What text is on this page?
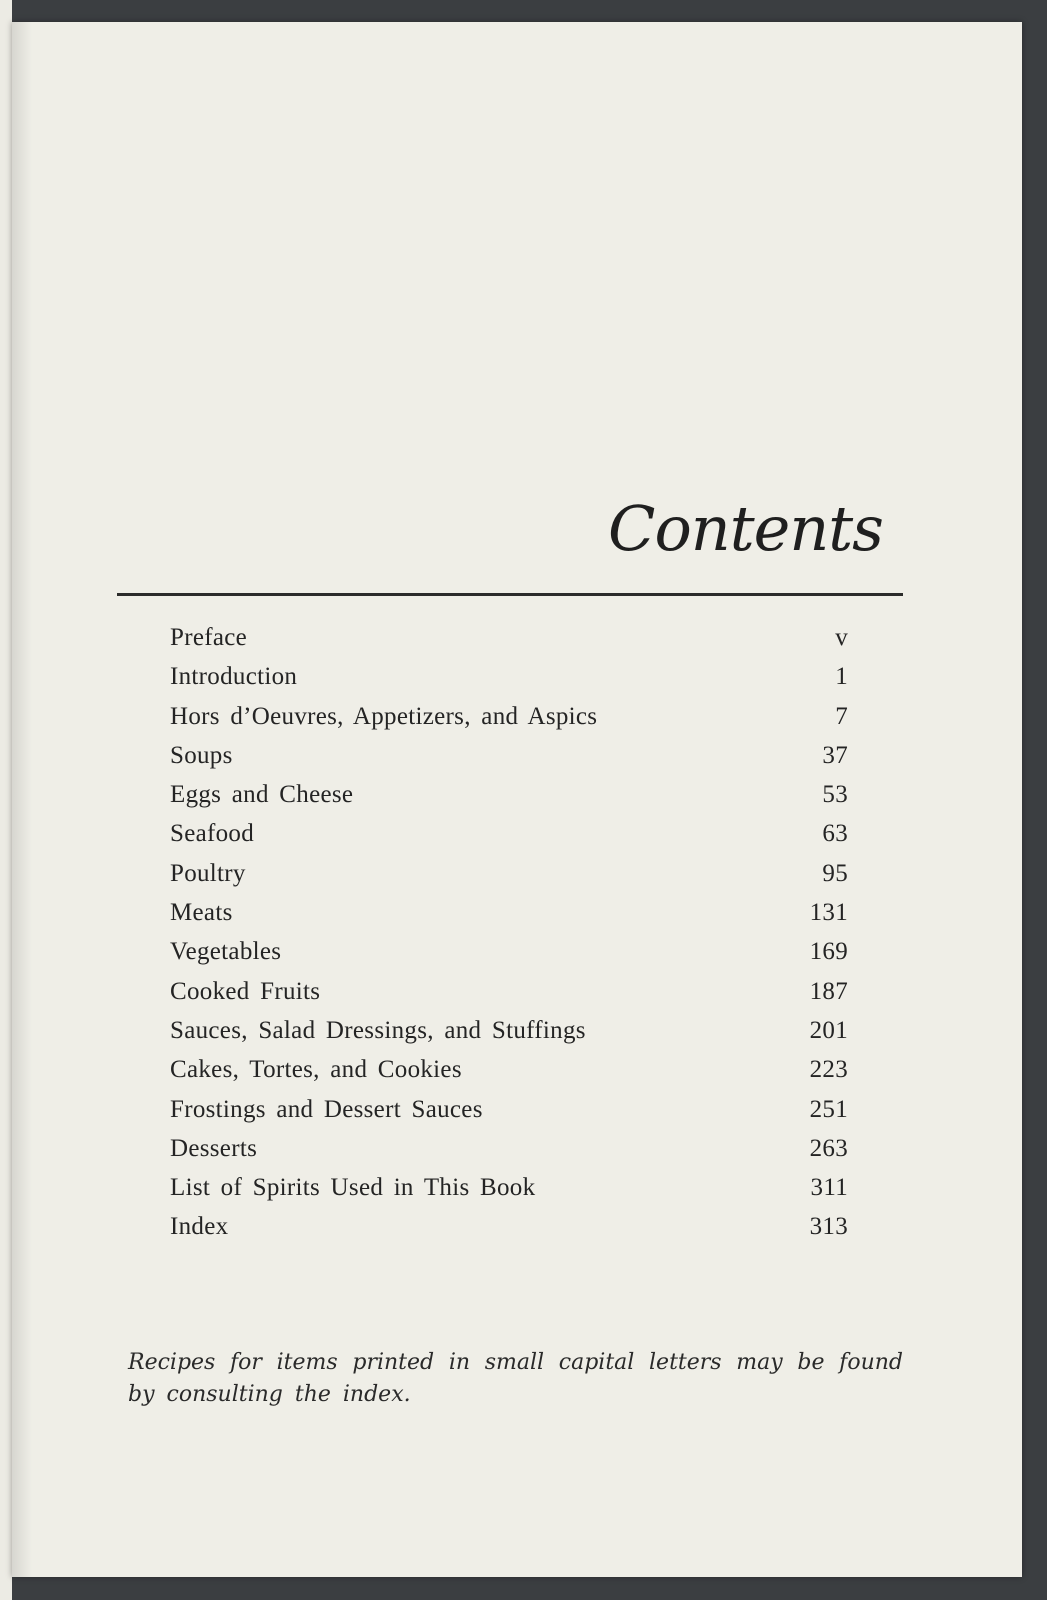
Contents
Preface	v
Introduction	1
Hors d’Oeuvres, Appetizers, and Aspics	7
Soups	37
Eggs and Cheese	53
Seafood	63
Poultry	95
Meats	131
Vegetables	169
Cooked Fruits	187
Sauces, Salad Dressings, and Stuffings	201
Cakes, Tortes, and Cookies	223
Frostings and Dessert Sauces	251
Desserts	263
List of Spirits Used in This Book	311
Index	313

Recipes for items printed in small capital letters may be found by consulting the index.
